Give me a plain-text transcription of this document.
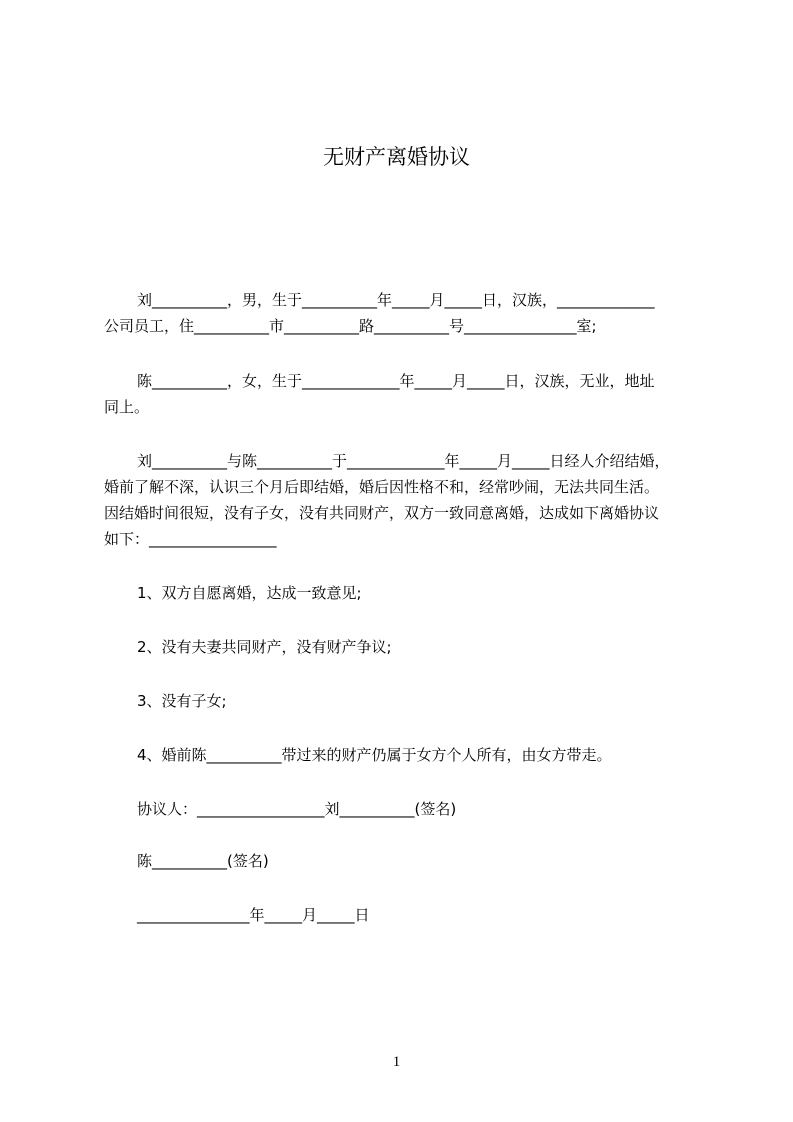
无财产离婚协议
刘__________，男，生于__________年_____月_____日，汉族，_____________
公司员工，住__________市__________路__________号_______________室;
陈__________，女，生于_____________年_____月_____日，汉族，无业，地址
同上。
刘__________与陈__________于_____________年_____月_____日经人介绍结婚，
婚前了解不深，认识三个月后即结婚，婚后因性格不和，经常吵闹，无法共同生活。
因结婚时间很短，没有子女，没有共同财产，双方一致同意离婚，达成如下离婚协议
如下：_________________
1、双方自愿离婚，达成一致意见;
2、没有夫妻共同财产，没有财产争议;
3、没有子女;
4、婚前陈__________带过来的财产仍属于女方个人所有，由女方带走。
协议人：_________________刘__________(签名)
陈__________(签名)
_______________年_____月_____日
1
